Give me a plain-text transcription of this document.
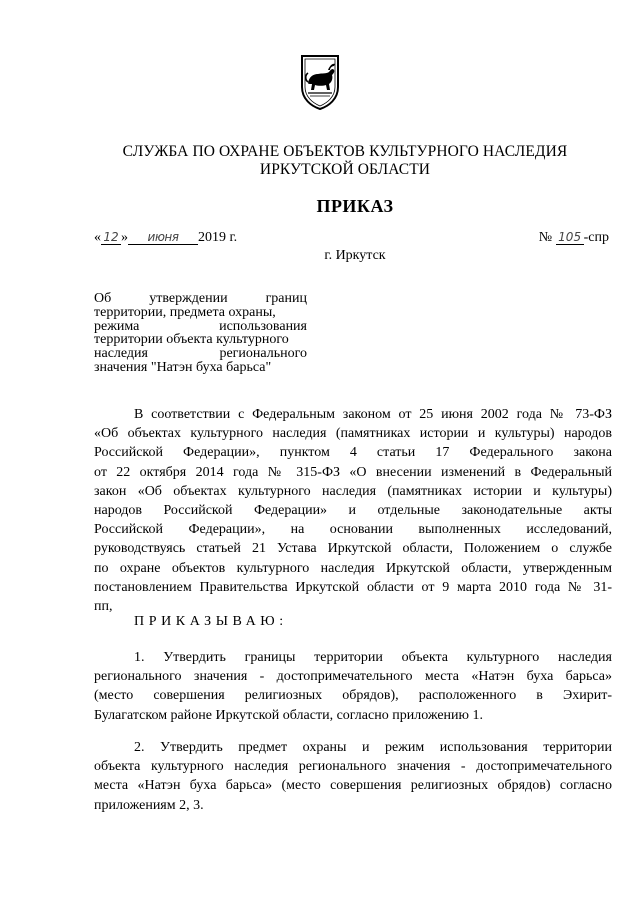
СЛУЖБА ПО ОХРАНЕ ОБЪЕКТОВ КУЛЬТУРНОГО НАСЛЕДИЯ
ИРКУТСКОЙ ОБЛАСТИ
ПРИКАЗ
« 12 » июня 2019 г.	№ 105 -спр
г. Иркутск
Об	утверждении	границ
территории, предмета охраны,
режима	использования
территории объекта культурного
наследия	регионального
значения "Натэн буха барьса"
В соответствии с Федеральным законом от 25 июня 2002 года № 73-ФЗ
«Об объектах культурного наследия (памятниках истории и культуры) народов
Российской Федерации», пунктом 4 статьи 17 Федерального закона
от 22 октября 2014 года № 315-ФЗ «О внесении изменений в Федеральный
закон «Об объектах культурного наследия (памятниках истории и культуры)
народов Российской Федерации» и отдельные законодательные акты
Российской Федерации», на основании выполненных исследований,
руководствуясь статьей 21 Устава Иркутской области, Положением о службе
по охране объектов культурного наследия Иркутской области, утвержденным
постановлением Правительства Иркутской области от 9 марта 2010 года № 31-
пп,
ПРИКАЗЫВАЮ:
1. Утвердить границы территории объекта культурного наследия
регионального значения - достопримечательного места «Натэн буха барьса»
(место совершения религиозных обрядов), расположенного в Эхирит-
Булагатском районе Иркутской области, согласно приложению 1.
2. Утвердить предмет охраны и режим использования территории
объекта культурного наследия регионального значения - достопримечательного
места «Натэн буха барьса» (место совершения религиозных обрядов) согласно
приложениям 2, 3.
